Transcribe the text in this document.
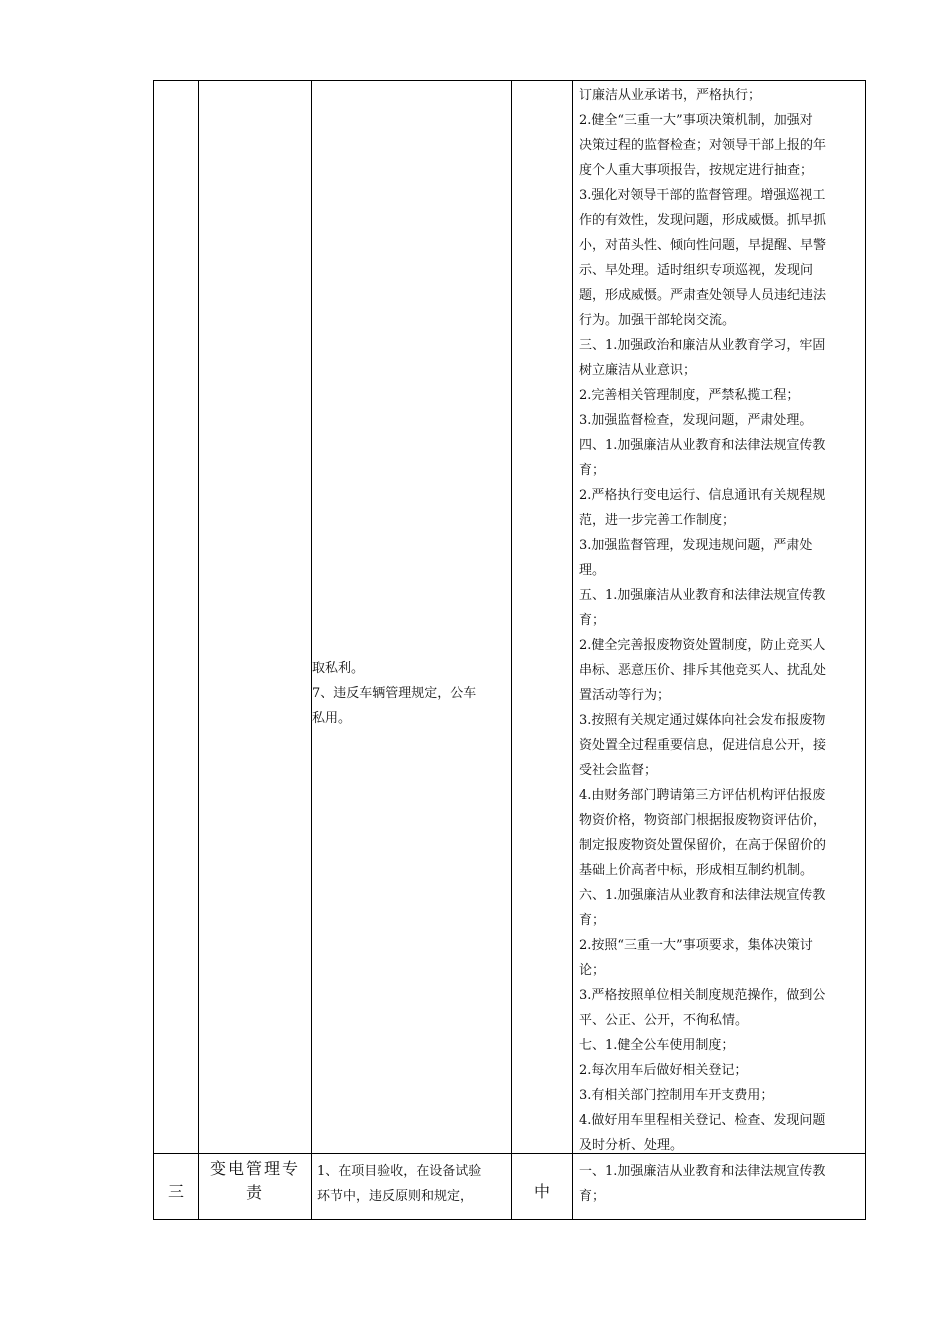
取私利。

7、违反车辆管理规定，公车

私用。

订廉洁从业承诺书，严格执行；

2.健全“三重一大”事项决策机制，加强对

决策过程的监督检查；对领导干部上报的年

度个人重大事项报告，按规定进行抽查；

3.强化对领导干部的监督管理。增强巡视工

作的有效性，发现问题，形成威慑。抓早抓

小，对苗头性、倾向性问题，早提醒、早警

示、早处理。适时组织专项巡视，发现问

题，形成威慑。严肃查处领导人员违纪违法

行为。加强干部轮岗交流。

三、1.加强政治和廉洁从业教育学习，牢固

树立廉洁从业意识；

2.完善相关管理制度，严禁私揽工程；

3.加强监督检查，发现问题，严肃处理。

四、1.加强廉洁从业教育和法律法规宣传教

育；

2.严格执行变电运行、信息通讯有关规程规

范，进一步完善工作制度；

3.加强监督管理，发现违规问题，严肃处

理。

五、1.加强廉洁从业教育和法律法规宣传教

育；

2.健全完善报废物资处置制度，防止竞买人

串标、恶意压价、排斥其他竞买人、扰乱处

置活动等行为；

3.按照有关规定通过媒体向社会发布报废物

资处置全过程重要信息，促进信息公开，接

受社会监督；

4.由财务部门聘请第三方评估机构评估报废

物资价格，物资部门根据报废物资评估价，

制定报废物资处置保留价，在高于保留价的

基础上价高者中标，形成相互制约机制。

六、1.加强廉洁从业教育和法律法规宣传教

育；

2.按照“三重一大”事项要求，集体决策讨

论；

3.严格按照单位相关制度规范操作，做到公

平、公正、公开，不徇私情。

七、1.健全公车使用制度；

2.每次用车后做好相关登记；

3.有相关部门控制用车开支费用；

4.做好用车里程相关登记、检查、发现问题

及时分析、处理。

三

变电管理专

责

1、在项目验收，在设备试验

环节中，违反原则和规定，	中

一、1.加强廉洁从业教育和法律法规宣传教

育；
